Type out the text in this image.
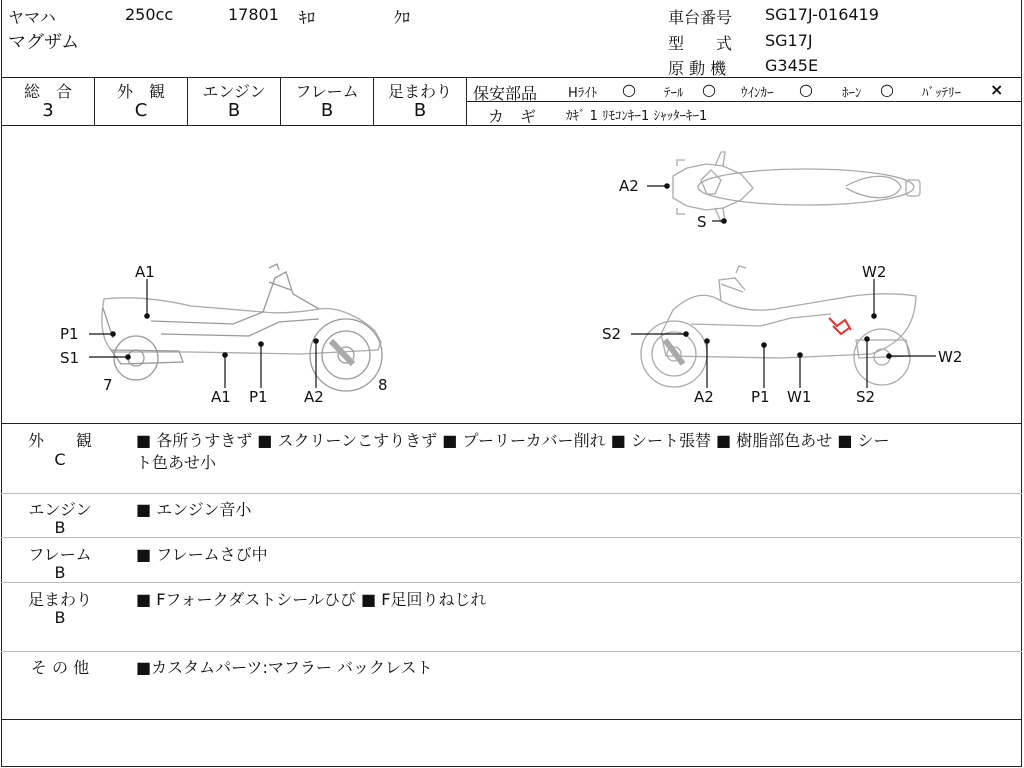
ヤマハ	250cc	17801 ｷﾛ	ｸﾛ
マグザム
車台番号 SG17J-016419
型　　式 SG17J
原 動 機 G345E
総　合
3
外　観
C
エンジン
B
フレーム
B
足まわり
B
保安部品 Hﾗｲﾄ ○ ﾃｰﾙ ○ ｳｲﾝｶｰ ○ ﾎｰﾝ ○ ﾊﾞｯﾃﾘｰ ×
カ　ギ ｶｷﾞ 1 ﾘﾓｺﾝｷｰ1 ｼｬｯﾀｰｷｰ1
A1
P1
S1
7
A1 P1 A2
8
A2
S
W2
S2
W2
A2 P1 W1	S2
外　　観
C
■ 各所うすきず ■ スクリーンこすりきず ■ プーリーカバー削れ ■ シート張替 ■ 樹脂部色あせ ■ シー
ト色あせ小
エンジン
B
■ エンジン音小
フレーム
B
■ フレームさび中
足まわり
B
■ Fフォークダストシールひび ■ F足回りねじれ
そ の 他	■カスタムパーツ:マフラー バックレスト
